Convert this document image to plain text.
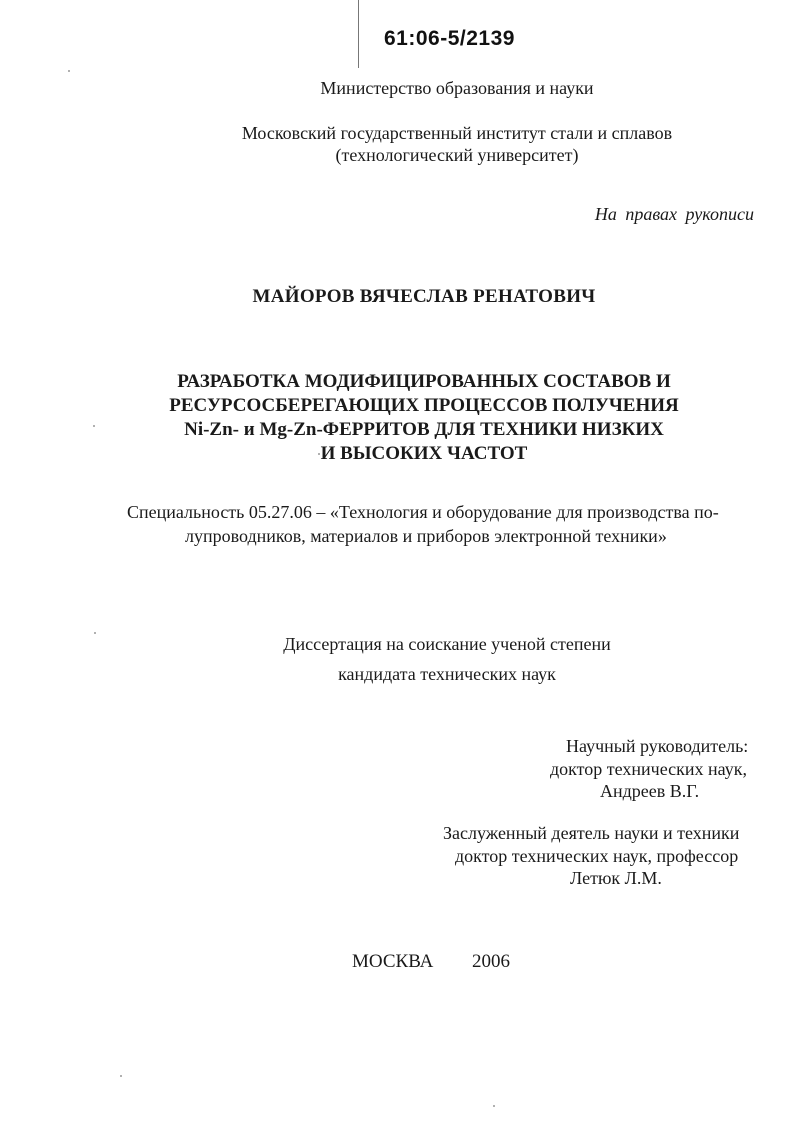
61:06-5/2139
Министерство образования и науки
Московский государственный институт стали и сплавов
(технологический университет)
На правах рукописи
МАЙОРОВ ВЯЧЕСЛАВ РЕНАТОВИЧ
РАЗРАБОТКА МОДИФИЦИРОВАННЫХ СОСТАВОВ И
РЕСУРСОСБЕРЕГАЮЩИХ ПРОЦЕССОВ ПОЛУЧЕНИЯ
Ni-Zn- и Mg-Zn-ФЕРРИТОВ ДЛЯ ТЕХНИКИ НИЗКИХ
И ВЫСОКИХ ЧАСТОТ
Специальность 05.27.06 – «Технология и оборудование для производства по-
лупроводников, материалов и приборов электронной техники»
Диссертация на соискание ученой степени
кандидата технических наук
Научный руководитель:
доктор технических наук,
Андреев В.Г.
Заслуженный деятель науки и техники
доктор технических наук, профессор
Летюк Л.М.
МОСКВА 2006
